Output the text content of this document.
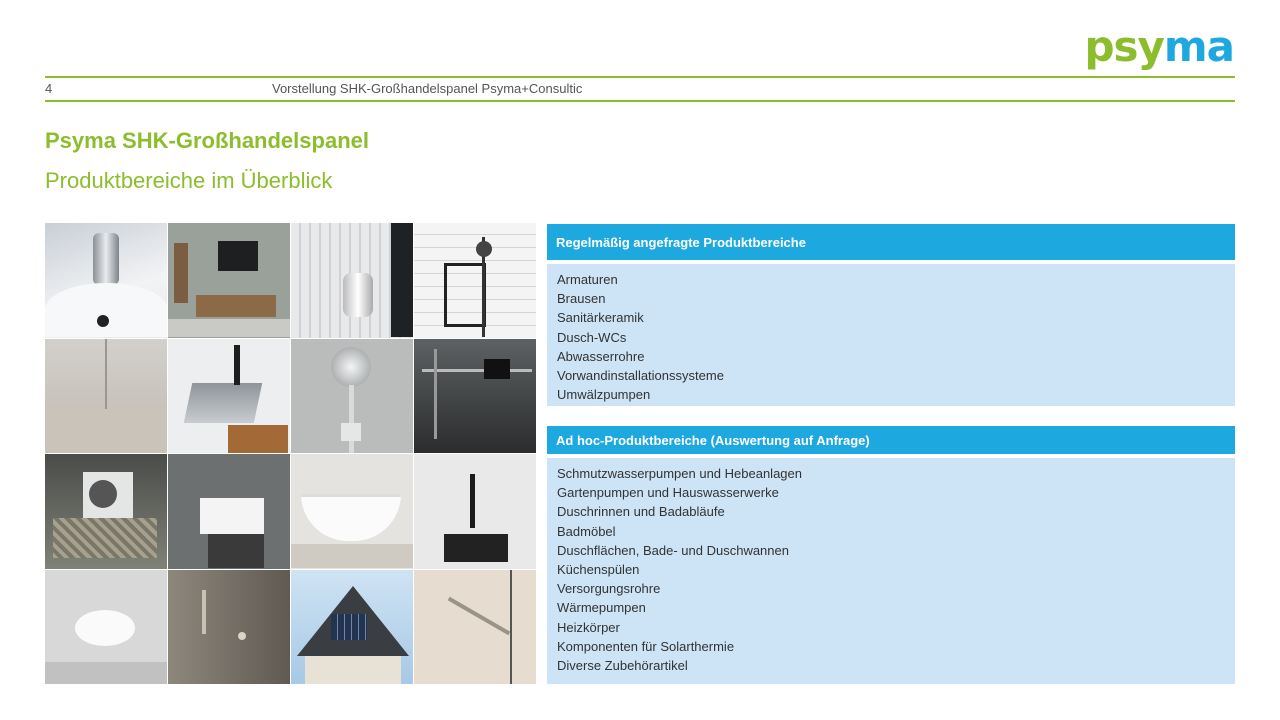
psyma
4	Vorstellung SHK-Großhandelspanel Psyma+Consultic
Psyma SHK-Großhandelspanel
Produktbereiche im Überblick
Regelmäßig angefragte Produktbereiche
Armaturen
Brausen
Sanitärkeramik
Dusch-WCs
Abwasserrohre
Vorwandinstallationssysteme
Umwälzpumpen
Ad hoc-Produktbereiche (Auswertung auf Anfrage)
Schmutzwasserpumpen und Hebeanlagen
Gartenpumpen und Hauswasserwerke
Duschrinnen und Badabläufe
Badmöbel
Duschflächen, Bade- und Duschwannen
Küchenspülen
Versorgungsrohre
Wärmepumpen
Heizkörper
Komponenten für Solarthermie
Diverse Zubehörartikel
